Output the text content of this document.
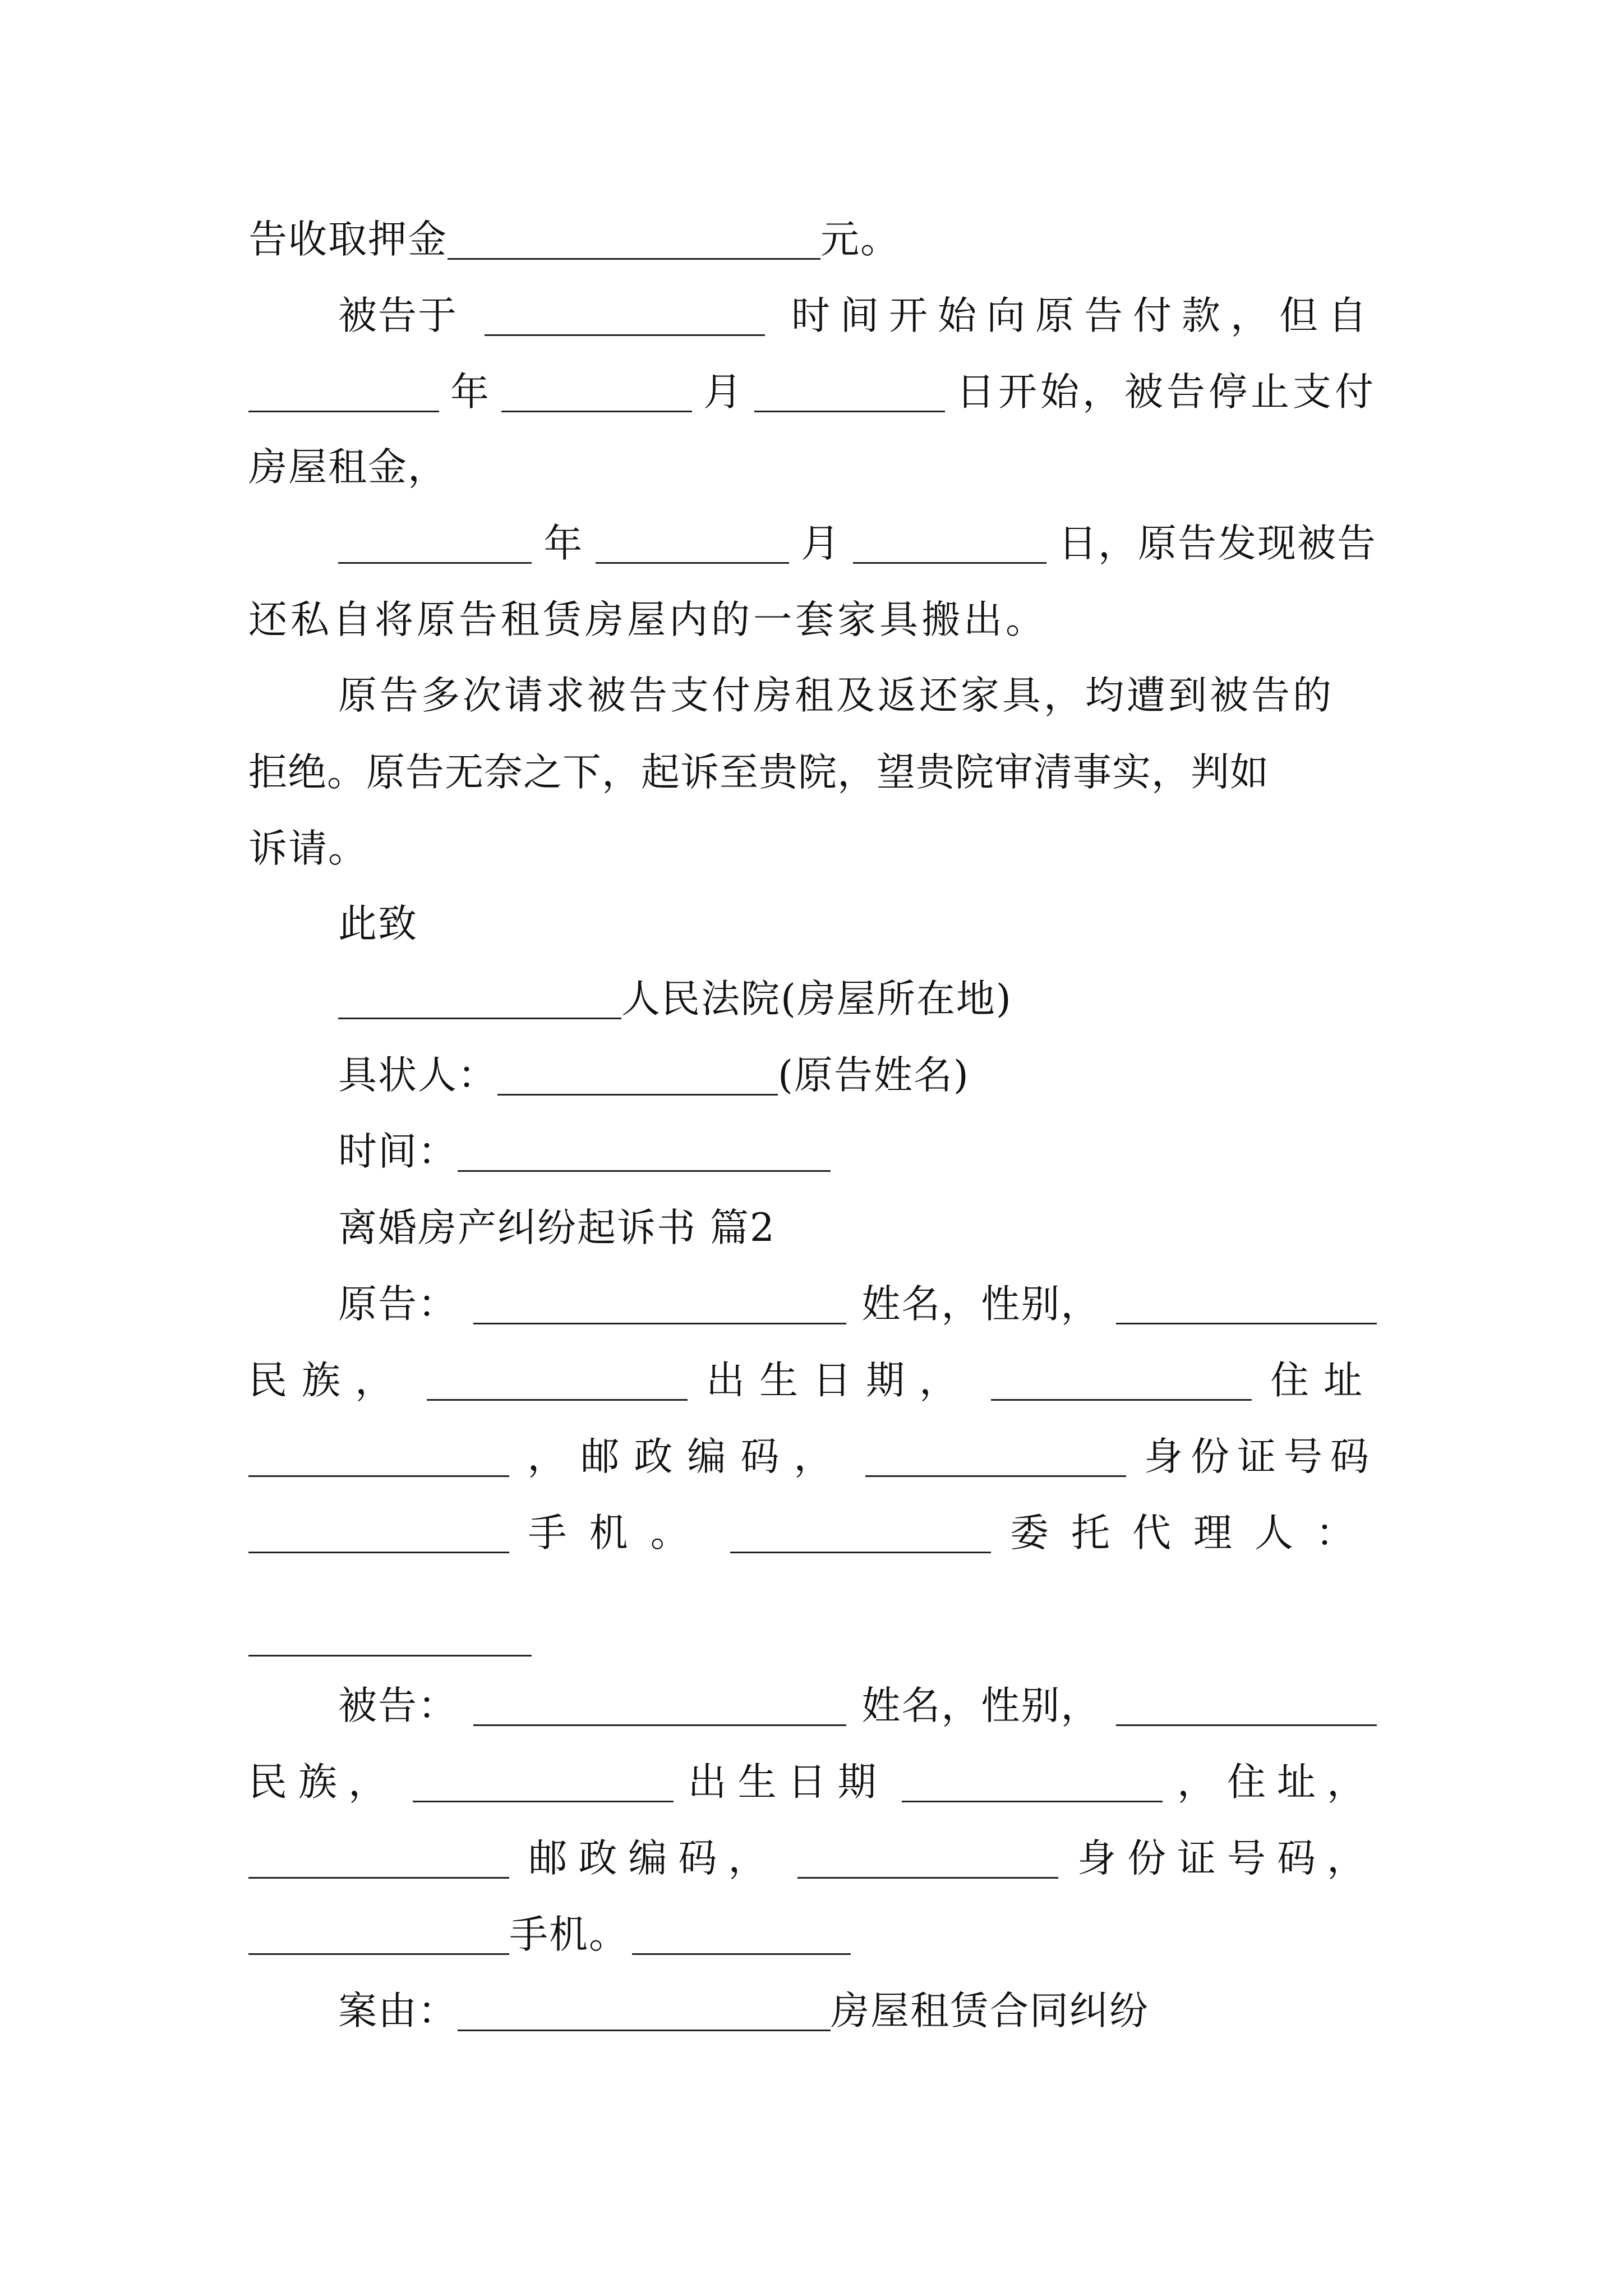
告收取押金	元。
被告于	时间开始向原告付款，但自
年	月	日开始，被告停止支付
房屋租金，
年	月	日，原告发现被告
还私自将原告租赁房屋内的一套家具搬出。
原告多次请求被告支付房租及返还家具，均遭到被告的
拒绝。原告无奈之下，起诉至贵院，望贵院审清事实，判如
诉请。
此致
人民法院(房屋所在地)
具状人：	(原告姓名)
时间：
离婚房产纠纷起诉书 篇2
原告：	姓名，性别，
民族，	出生日期，	住址
，邮政编码，	身份证号码
手机。	委托代理人：
被告：	姓名，性别，
民族，	出生日期	，住址，
邮政编码，	身份证号码，
手机。
案由：	房屋租赁合同纠纷
